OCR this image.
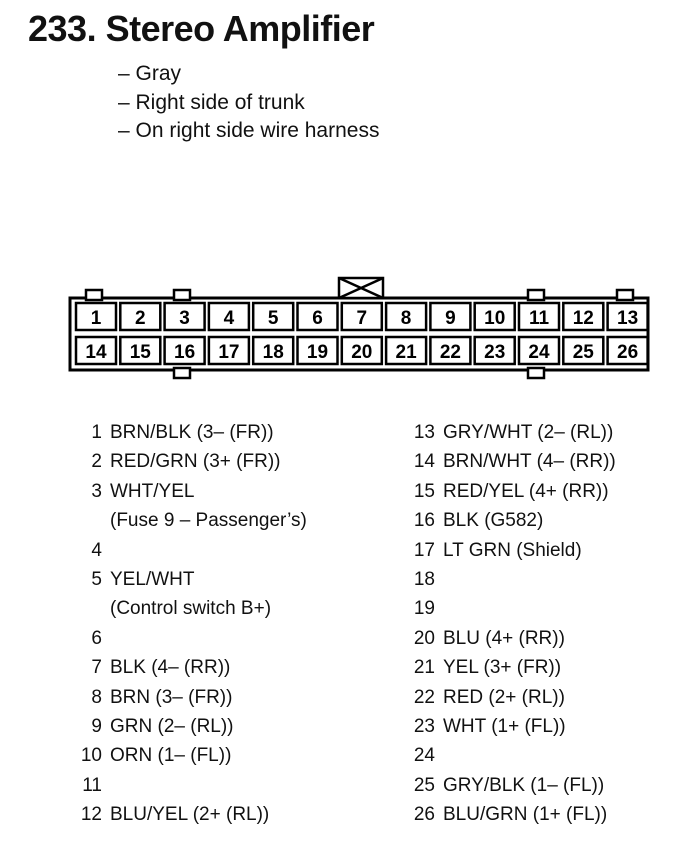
233. Stereo Amplifier
– Gray
– Right side of trunk
– On right side wire harness
1 2 3 4 5 6 7 8 9 10 11 12 13
14 15 16 17 18 19 20 21 22 23 24 25 26
1 BRN/BLK (3– (FR))
2 RED/GRN (3+ (FR))
3 WHT/YEL
(Fuse 9 – Passenger’s)
4
5 YEL/WHT
(Control switch B+)
6
7 BLK (4– (RR))
8 BRN (3– (FR))
9 GRN (2– (RL))
10 ORN (1– (FL))
11
12 BLU/YEL (2+ (RL))
13 GRY/WHT (2– (RL))
14 BRN/WHT (4– (RR))
15 RED/YEL (4+ (RR))
16 BLK (G582)
17 LT GRN (Shield)
18
19
20 BLU (4+ (RR))
21 YEL (3+ (FR))
22 RED (2+ (RL))
23 WHT (1+ (FL))
24
25 GRY/BLK (1– (FL))
26 BLU/GRN (1+ (FL))
